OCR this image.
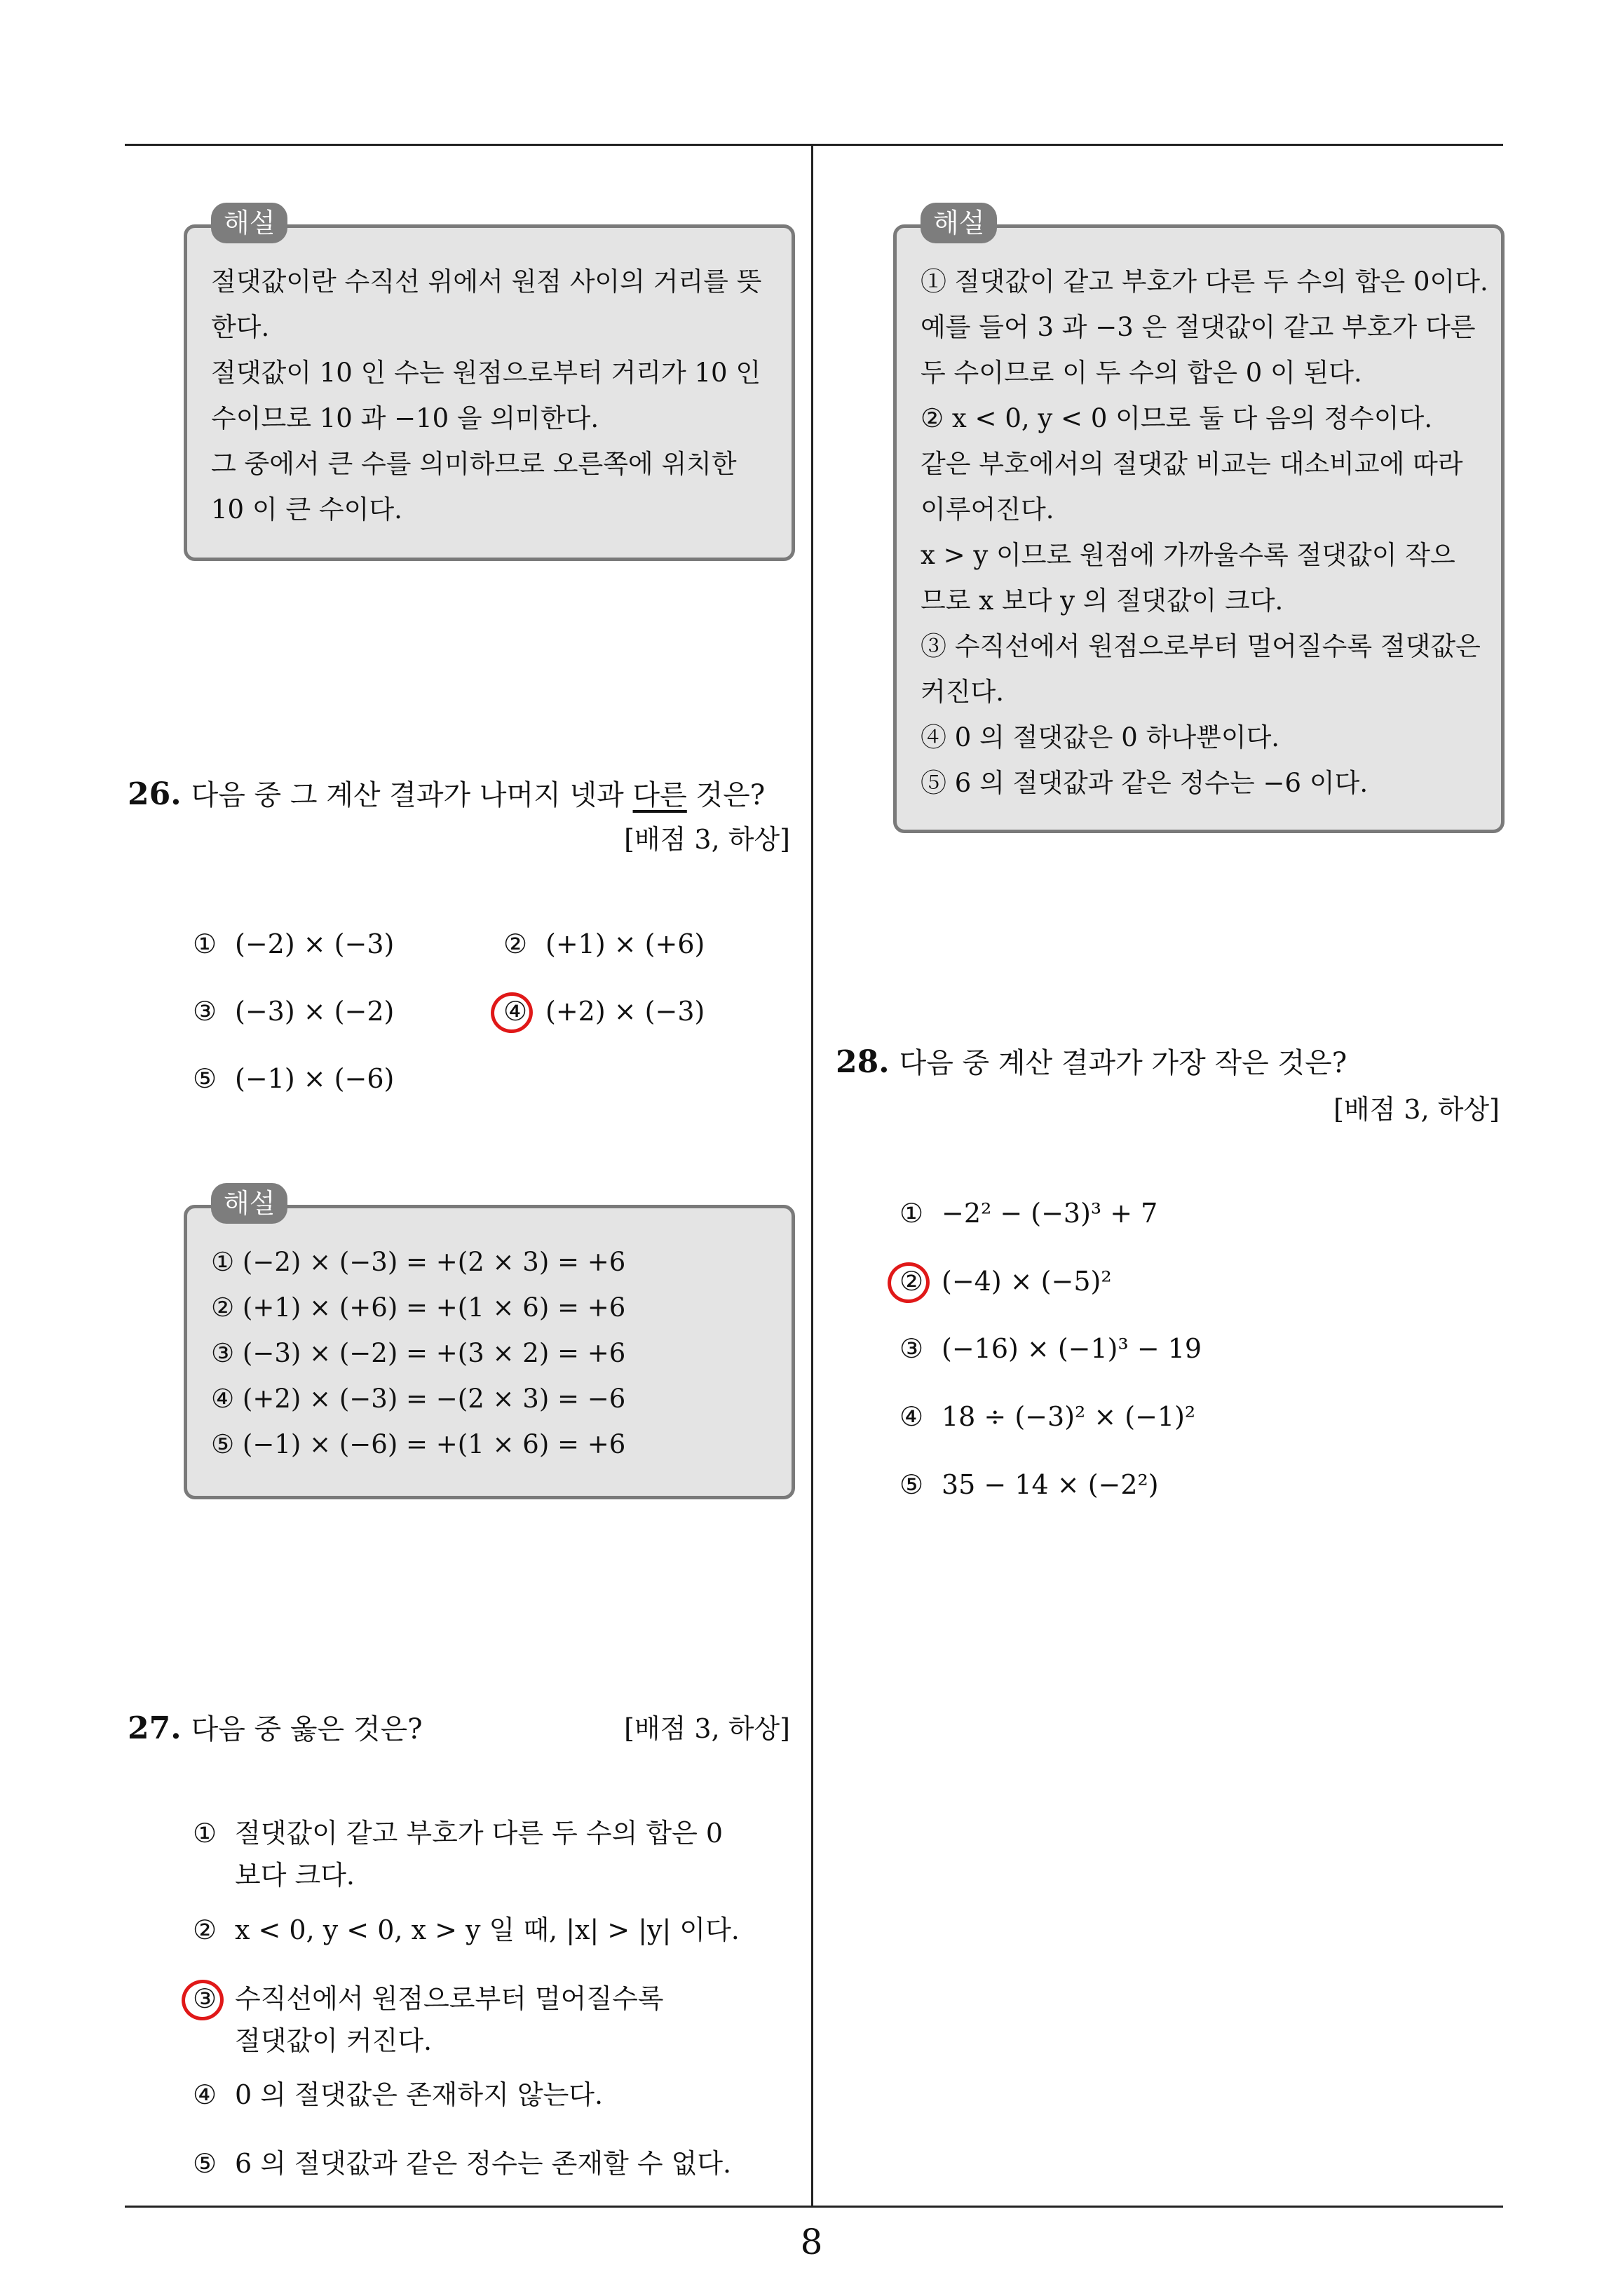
해설
절댓값이란 수직선 위에서 원점 사이의 거리를 뜻
한다.
절댓값이 10 인 수는 원점으로부터 거리가 10 인
수이므로 10 과 −10 을 의미한다.
그 중에서 큰 수를 의미하므로 오른쪽에 위치한
10 이 큰 수이다.
26. 다음 중 그 계산 결과가 나머지 넷과 다른 것은?
[배점 3, 하상]
① (−2) × (−3)	② (+1) × (+6)
③ (−3) × (−2)	④ (+2) × (−3)
⑤ (−1) × (−6)
해설
① (−2) × (−3) = +(2 × 3) = +6
② (+1) × (+6) = +(1 × 6) = +6
③ (−3) × (−2) = +(3 × 2) = +6
④ (+2) × (−3) = −(2 × 3) = −6
⑤ (−1) × (−6) = +(1 × 6) = +6
27. 다음 중 옳은 것은?	[배점 3, 하상]
① 절댓값이 같고 부호가 다른 두 수의 합은 0
보다 크다.
② x < 0, y < 0, x > y 일 때, |x| > |y| 이다.
③ 수직선에서 원점으로부터 멀어질수록
절댓값이 커진다.
④ 0 의 절댓값은 존재하지 않는다.
⑤ 6 의 절댓값과 같은 정수는 존재할 수 없다.
해설
① 절댓값이 같고 부호가 다른 두 수의 합은 0이다.
예를 들어 3 과 −3 은 절댓값이 같고 부호가 다른
두 수이므로 이 두 수의 합은 0 이 된다.
② x < 0, y < 0 이므로 둘 다 음의 정수이다.
같은 부호에서의 절댓값 비교는 대소비교에 따라
이루어진다.
x > y 이므로 원점에 가까울수록 절댓값이 작으
므로 x 보다 y 의 절댓값이 크다.
③ 수직선에서 원점으로부터 멀어질수록 절댓값은
커진다.
④ 0 의 절댓값은 0 하나뿐이다.
⑤ 6 의 절댓값과 같은 정수는 −6 이다.
28. 다음 중 계산 결과가 가장 작은 것은?
[배점 3, 하상]
① −2² − (−3)³ + 7
② (−4) × (−5)²
③ (−16) × (−1)³ − 19
④ 18 ÷ (−3)² × (−1)²
⑤ 35 − 14 × (−2²)
8
